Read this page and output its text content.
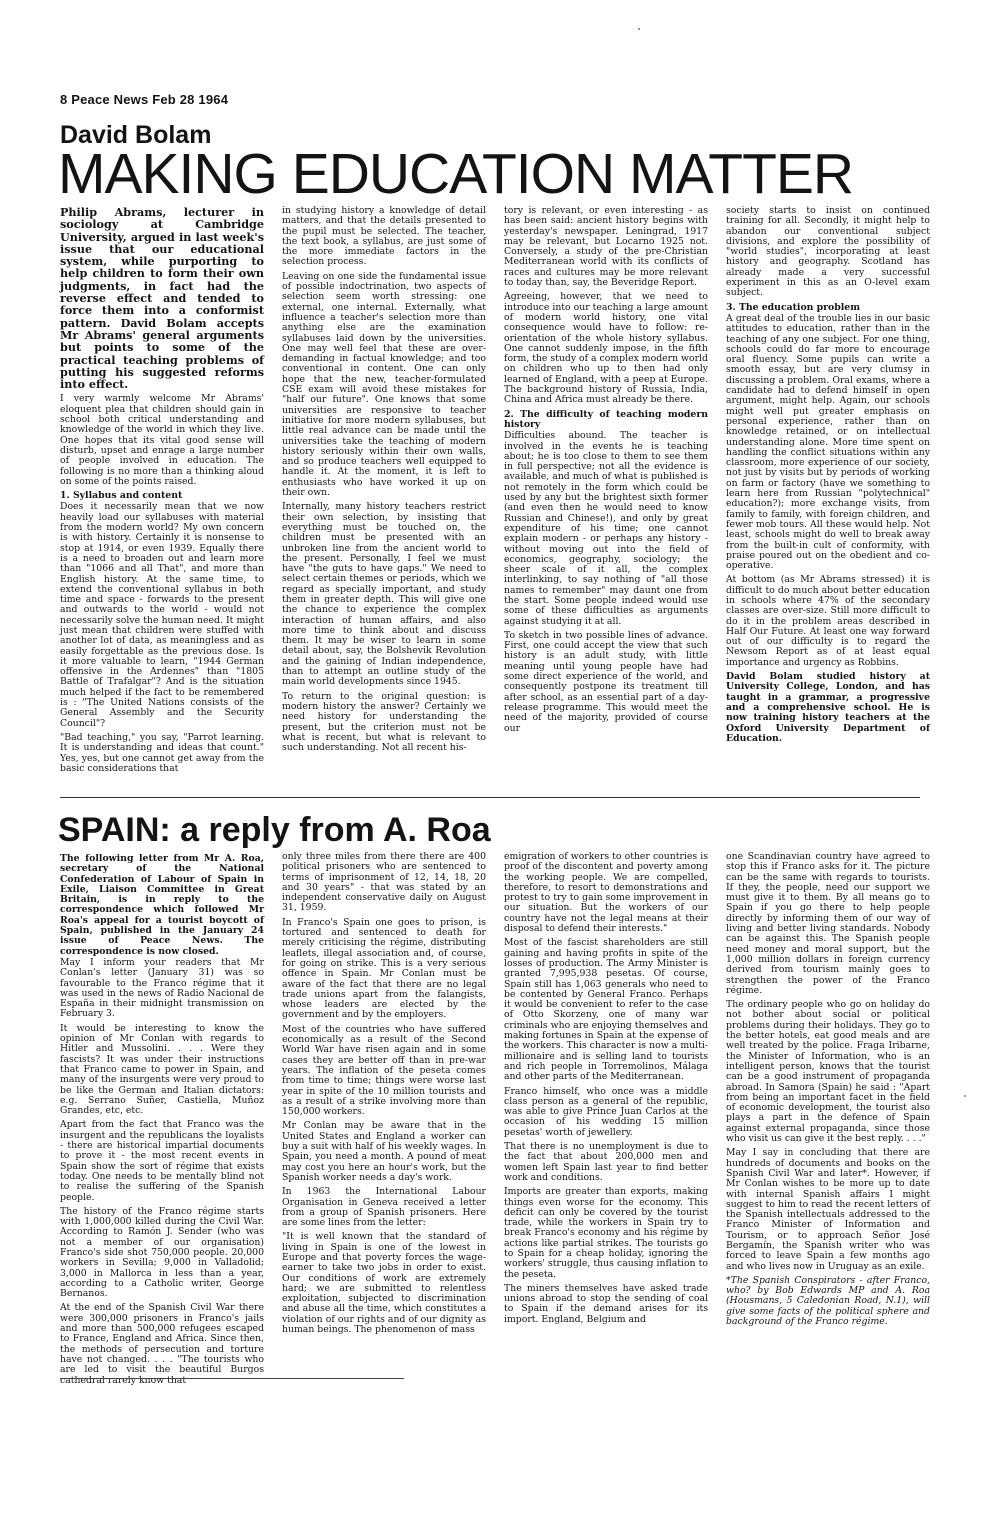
8 Peace News Feb 28 1964
David Bolam
MAKING EDUCATION MATTER

Philip Abrams, lecturer in sociology at Cambridge University, argued in last week's issue that our educational system, while purporting to help children to form their own judgments, in fact had the reverse effect and tended to force them into a conformist pattern. David Bolam accepts Mr Abrams' general arguments but points to some of the practical teaching problems of putting his suggested reforms into effect.

I very warmly welcome Mr Abrams' eloquent plea that children should gain in school both critical understanding and knowledge of the world in which they live. One hopes that its vital good sense will disturb, upset and enrage a large number of people involved in education. The following is no more than a thinking aloud on some of the points raised.

1. Syllabus and content

Does it necessarily mean that we now heavily load our syllabuses with material from the modern world? My own concern is with history. Certainly it is nonsense to stop at 1914, or even 1939. Equally there is a need to broaden out and learn more than "1066 and all That", and more than English history. At the same time, to extend the conventional syllabus in both time and space - forwards to the present and outwards to the world - would not necessarily solve the human need. It might just mean that children were stuffed with another lot of data, as meaningless and as easily forgettable as the previous dose. Is it more valuable to learn, "1944 German offensive in the Ardennes" than "1805 Battle of Trafalgar"? And is the situation much helped if the fact to be remembered is : "The United Nations consists of the General Assembly and the Security Council"?

"Bad teaching," you say, "Parrot learning. It is understanding and ideas that count." Yes, yes, but one cannot get away from the basic considerations that

in studying history a knowledge of detail matters, and that the details presented to the pupil must be selected. The teacher, the text book, a syllabus, are just some of the more immediate factors in the selection process.

Leaving on one side the fundamental issue of possible indoctrination, two aspects of selection seem worth stressing: one external, one internal. Externally, what influence a teacher's selection more than anything else are the examination syllabuses laid down by the universities. One may well feel that these are over-demanding in factual knowledge; and too conventional in content. One can only hope that the new, teacher-formulated CSE exam will avoid these mistakes for "half our future". One knows that some universities are responsive to teacher initiative for more modern syllabuses, but little real advance can be made until the universities take the teaching of modern history seriously within their own walls, and so produce teachers well equipped to handle it. At the moment, it is left to enthusiasts who have worked it up on their own.

Internally, many history teachers restrict their own selection, by insisting that everything must be touched on, the children must be presented with an unbroken line from the ancient world to the present. Personally, I feel we must have "the guts to have gaps." We need to select certain themes or periods, which we regard as specially important, and study them in greater depth. This will give one the chance to experience the complex interaction of human affairs, and also more time to think about and discuss them. It may be wiser to learn in some detail about, say, the Bolshevik Revolution and the gaining of Indian independence, than to attempt an outline study of the main world developments since 1945.

To return to the original question: is modern history the answer? Certainly we need history for understanding the present, but the criterion must not be what is recent, but what is relevant to such understanding. Not all recent his-

tory is relevant, or even interesting - as has been said: ancient history begins with yesterday's newspaper. Leningrad, 1917 may be relevant, but Locarno 1925 not. Conversely, a study of the pre-Christian Mediterranean world with its conflicts of races and cultures may be more relevant to today than, say, the Beveridge Report.

Agreeing, however, that we need to introduce into our teaching a large amount of modern world history, one vital consequence would have to follow: re-orientation of the whole history syllabus. One cannot suddenly impose, in the fifth form, the study of a complex modern world on children who up to then had only learned of England, with a peep at Europe. The background history of Russia, India, China and Africa must already be there.

2. The difficulty of teaching modern history

Difficulties abound. The teacher is involved in the events he is teaching about; he is too close to them to see them in full perspective; not all the evidence is available, and much of what is published is not remotely in the form which could be used by any but the brightest sixth former (and even then he would need to know Russian and Chinese!), and only by great expenditure of his time; one cannot explain modern - or perhaps any history - without moving out into the field of economics, geography, sociology; the sheer scale of it all, the complex interlinking, to say nothing of "all those names to remember" may daunt one from the start. Some people indeed would use some of these difficulties as arguments against studying it at all.

To sketch in two possible lines of advance. First, one could accept the view that such history is an adult study, with little meaning until young people have had some direct experience of the world, and consequently postpone its treatment till after school, as an essential part of a day-release programme. This would meet the need of the majority, provided of course our

society starts to insist on continued training for all. Secondly, it might help to abandon our conventional subject divisions, and explore the possibility of "world studies", incorporating at least history and geography. Scotland has already made a very successful experiment in this as an O-level exam subject.

3. The education problem

A great deal of the trouble lies in our basic attitudes to education, rather than in the teaching of any one subject. For one thing, schools could do far more to encourage oral fluency. Some pupils can write a smooth essay, but are very clumsy in discussing a problem. Oral exams, where a candidate had to defend himself in open argument, might help. Again, our schools might well put greater emphasis on personal experience, rather than on knowledge retained, or on intellectual understanding alone. More time spent on handling the conflict situations within any classroom, more experience of our society, not just by visits but by periods of working on farm or factory (have we something to learn here from Russian "polytechnical" education?); more exchange visits, from family to family, with foreign children, and fewer mob tours. All these would help. Not least, schools might do well to break away from the built-in cult of conformity, with praise poured out on the obedient and co-operative.

At bottom (as Mr Abrams stressed) it is difficult to do much about better education in schools where 47% of the secondary classes are over-size. Still more difficult to do it in the problem areas described in Half Our Future. At least one way forward out of our difficulty is to regard the Newsom Report as of at least equal importance and urgency as Robbins.

David Bolam studied history at University College, London, and has taught in a grammar, a progressive and a comprehensive school. He is now training history teachers at the Oxford University Department of Education.

SPAIN: a reply from A. Roa

The following letter from Mr A. Roa, secretary of the National Confederation of Labour of Spain in Exile, Liaison Committee in Great Britain, is in reply to the correspondence which followed Mr Roa's appeal for a tourist boycott of Spain, published in the January 24 issue of Peace News. The correspondence is now closed.

May I inform your readers that Mr Conlan's letter (January 31) was so favourable to the Franco régime that it was used in the news of Radio Nacional de España in their midnight transmission on February 3.

It would be interesting to know the opinion of Mr Conlan with regards to Hitler and Mussolini. . . . Were they fascists? It was under their instructions that Franco came to power in Spain, and many of the insurgents were very proud to be like the German and Italian dictators: e.g. Serrano Suñer, Castiella, Muñoz Grandes, etc, etc.

Apart from the fact that Franco was the insurgent and the republicans the loyalists - there are historical impartial documents to prove it - the most recent events in Spain show the sort of régime that exists today. One needs to be mentally blind not to realise the suffering of the Spanish people.

The history of the Franco régime starts with 1,000,000 killed during the Civil War. According to Ramón J. Sender (who was not a member of our organisation) Franco's side shot 750,000 people. 20,000 workers in Sevilla; 9,000 in Valladolid; 3,000 in Mallorca in less than a year, according to a Catholic writer, George Bernanos.

At the end of the Spanish Civil War there were 300,000 prisoners in Franco's jails and more than 500,000 refugees escaped to France, England and Africa. Since then, the methods of persecution and torture have not changed. . . . "The tourists who are led to visit the beautiful Burgos cathedral rarely know that

only three miles from there there are 400 political prisoners who are sentenced to terms of imprisonment of 12, 14, 18, 20 and 30 years" - that was stated by an independent conservative daily on August 31, 1959.

In Franco's Spain one goes to prison, is tortured and sentenced to death for merely criticising the régime, distributing leaflets, illegal association and, of course, for going on strike. This is a very serious offence in Spain. Mr Conlan must be aware of the fact that there are no legal trade unions apart from the falangists, whose leaders are elected by the government and by the employers.

Most of the countries who have suffered economically as a result of the Second World War have risen again and in some cases they are better off than in pre-war years. The inflation of the peseta comes from time to time; things were worse last year in spite of the 10 million tourists and as a result of a strike involving more than 150,000 workers.

Mr Conlan may be aware that in the United States and England a worker can buy a suit with half of his weekly wages. In Spain, you need a month. A pound of meat may cost you here an hour's work, but the Spanish worker needs a day's work.

In 1963 the International Labour Organisation in Geneva received a letter from a group of Spanish prisoners. Here are some lines from the letter:

"It is well known that the standard of living in Spain is one of the lowest in Europe and that poverty forces the wage-earner to take two jobs in order to exist. Our conditions of work are extremely hard; we are submitted to relentless exploitation, subjected to discrimination and abuse all the time, which constitutes a violation of our rights and of our dignity as human beings. The phenomenon of mass

emigration of workers to other countries is proof of the discontent and poverty among the working people. We are compelled, therefore, to resort to demonstrations and protest to try to gain some improvement in our situation. But the workers of our country have not the legal means at their disposal to defend their interests."

Most of the fascist shareholders are still gaining and having profits in spite of the losses of production. The Army Minister is granted 7,995,938 pesetas. Of course, Spain still has 1,063 generals who need to be contented by General Franco. Perhaps it would be convenient to refer to the case of Otto Skorzeny, one of many war criminals who are enjoying themselves and making fortunes in Spain at the expense of the workers. This character is now a multi-millionaire and is selling land to tourists and rich people in Torremolinos, Málaga and other parts of the Mediterranean.

Franco himself, who once was a middle class person as a general of the republic, was able to give Prince Juan Carlos at the occasion of his wedding 15 million pesetas' worth of jewellery.

That there is no unemployment is due to the fact that about 200,000 men and women left Spain last year to find better work and conditions.

Imports are greater than exports, making things even worse for the economy. This deficit can only be covered by the tourist trade, while the workers in Spain try to break Franco's economy and his régime by actions like partial strikes. The tourists go to Spain for a cheap holiday, ignoring the workers' struggle, thus causing inflation to the peseta.

The miners themselves have asked trade unions abroad to stop the sending of coal to Spain if the demand arises for its import. England, Belgium and

one Scandinavian country have agreed to stop this if Franco asks for it. The picture can be the same with regards to tourists. If they, the people, need our support we must give it to them. By all means go to Spain if you go there to help people directly by informing them of our way of living and better living standards. Nobody can be against this. The Spanish people need money and moral support, but the 1,000 million dollars in foreign currency derived from tourism mainly goes to strengthen the power of the Franco régime.

The ordinary people who go on holiday do not bother about social or political problems during their holidays. They go to the better hotels, eat good meals and are well treated by the police. Fraga Iribarne, the Minister of Information, who is an intelligent person, knows that the tourist can be a good instrument of propaganda abroad. In Samora (Spain) he said : "Apart from being an important facet in the field of economic development, the tourist also plays a part in the defence of Spain against external propaganda, since those who visit us can give it the best reply. . . ."

May I say in concluding that there are hundreds of documents and books on the Spanish Civil War and later*. However, if Mr Conlan wishes to be more up to date with internal Spanish affairs I might suggest to him to read the recent letters of the Spanish intellectuals addressed to the Franco Minister of Information and Tourism, or to approach Señor José Bergamín, the Spanish writer who was forced to leave Spain a few months ago and who lives now in Uruguay as an exile.

*The Spanish Conspirators - after Franco, who? by Bob Edwards MP and A. Roa (Housmans, 5 Caledonian Road, N.1), will give some facts of the political sphere and background of the Franco régime.
